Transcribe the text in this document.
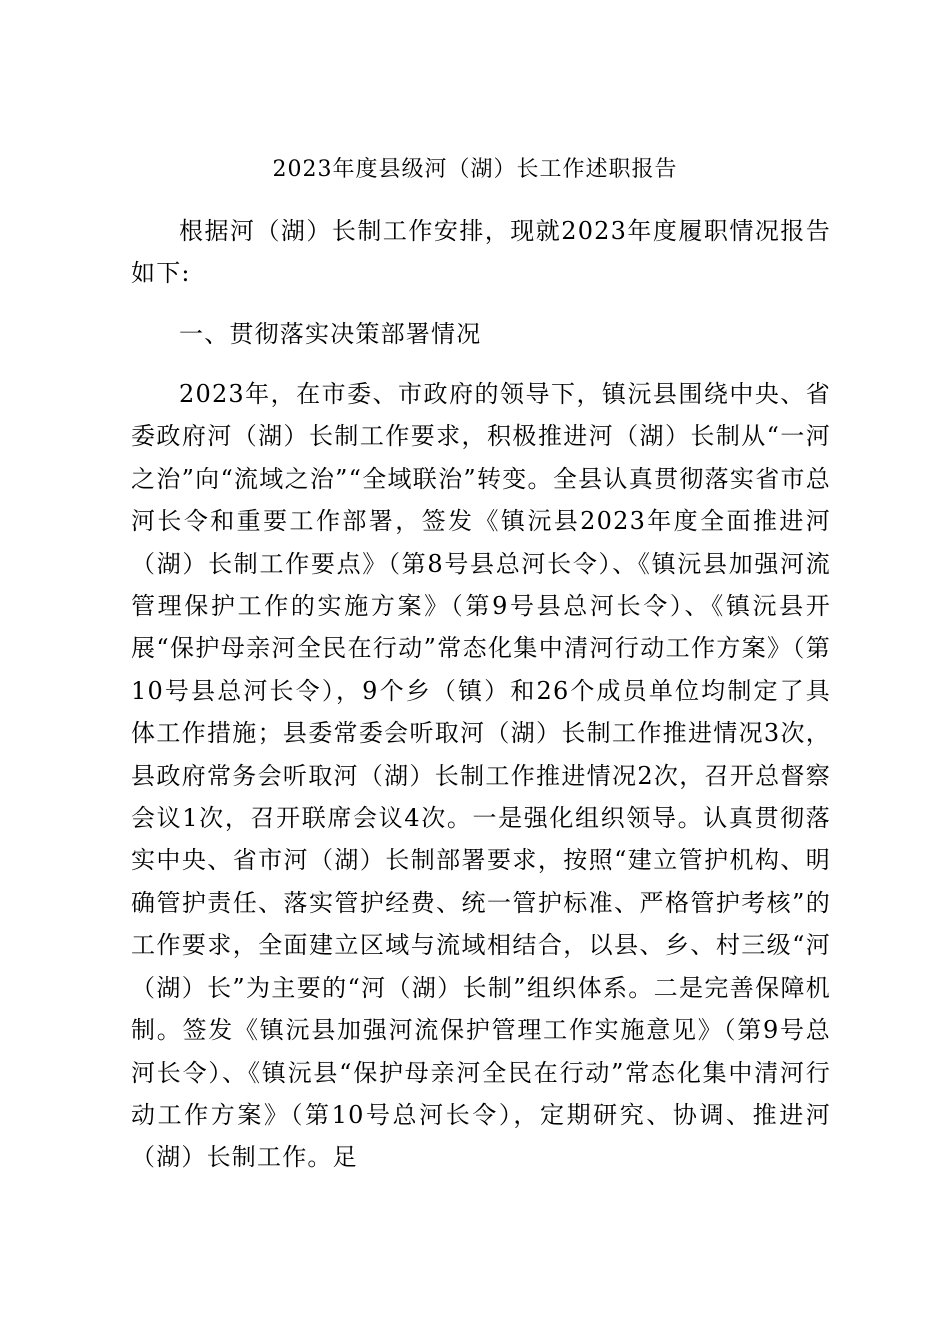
2023年度县级河（湖）长工作述职报告
根据河（湖）长制工作安排，现就2023年度履职情况报告如下:
一、贯彻落实决策部署情况
2023年，在市委、市政府的领导下，镇沅县围绕中央、省委政府河（湖）长制工作要求，积极推进河（湖）长制从“一河之治”向“流域之治”“全域联治”转变。全县认真贯彻落实省市总河长令和重要工作部署，签发《镇沅县2023年度全面推进河（湖）长制工作要点》（第8号县总河长令）、《镇沅县加强河流管理保护工作的实施方案》（第9号县总河长令）、《镇沅县开展“保护母亲河全民在行动”常态化集中清河行动工作方案》（第10号县总河长令），9个乡（镇）和26个成员单位均制定了具体工作措施；县委常委会听取河（湖）长制工作推进情况3次，县政府常务会听取河（湖）长制工作推进情况2次，召开总督察会议1次，召开联席会议4次。一是强化组织领导。认真贯彻落实中央、省市河（湖）长制部署要求，按照“建立管护机构、明确管护责任、落实管护经费、统一管护标准、严格管护考核”的工作要求，全面建立区域与流域相结合，以县、乡、村三级“河（湖）长”为主要的“河（湖）长制”组织体系。二是完善保障机制。签发《镇沅县加强河流保护管理工作实施意见》（第9号总河长令）、《镇沅县“保护母亲河全民在行动”常态化集中清河行动工作方案》（第10号总河长令），定期研究、协调、推进河（湖）长制工作。足
